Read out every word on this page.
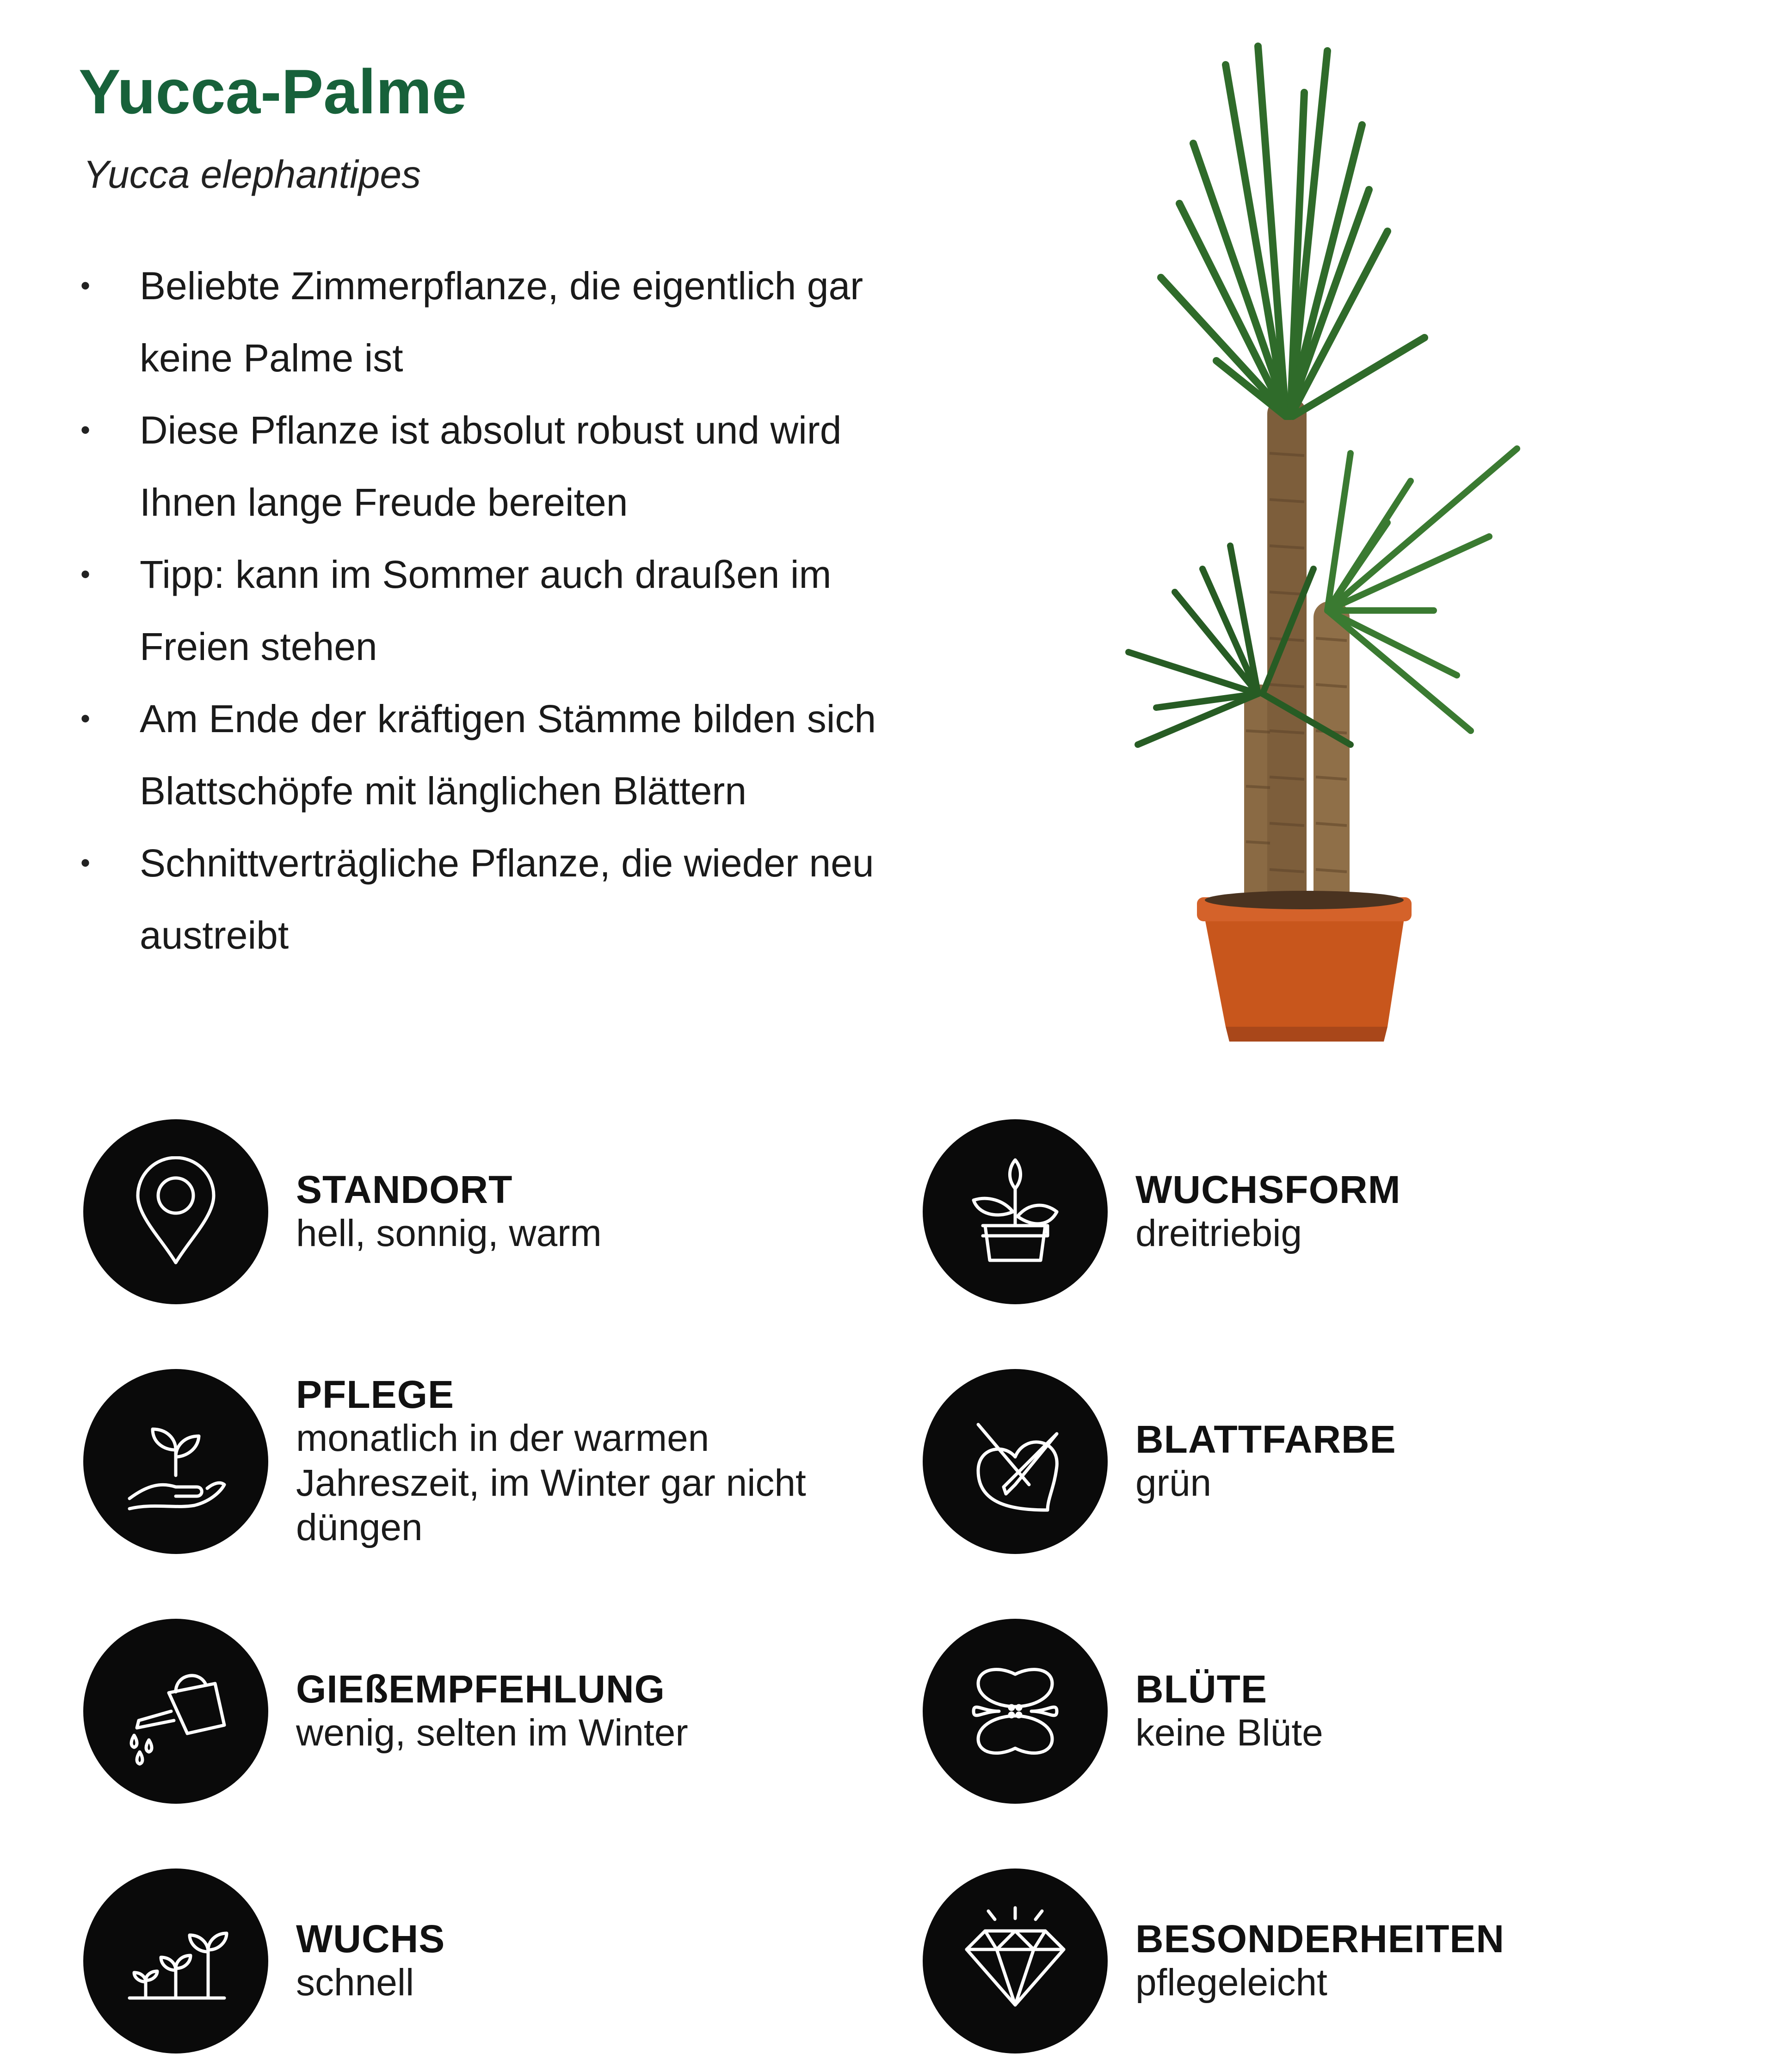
Yucca-Palme

Yucca elephantipes

• Beliebte Zimmerpflanze, die eigentlich gar keine Palme ist
• Diese Pflanze ist absolut robust und wird Ihnen lange Freude bereiten
• Tipp: kann im Sommer auch draußen im Freien stehen
• Am Ende der kräftigen Stämme bilden sich Blattschöpfe mit länglichen Blättern
• Schnittverträgliche Pflanze, die wieder neu austreibt
STANDORT
hell, sonnig, warm
PFLEGE
monatlich in der warmen Jahreszeit, im Winter gar nicht düngen
GIEßEMPFEHLUNG
wenig, selten im Winter
WUCHS
schnell
WUCHSFORM
dreitriebig
BLATTFARBE
grün
BLÜTE
keine Blüte
BESONDERHEITEN
pflegeleicht
